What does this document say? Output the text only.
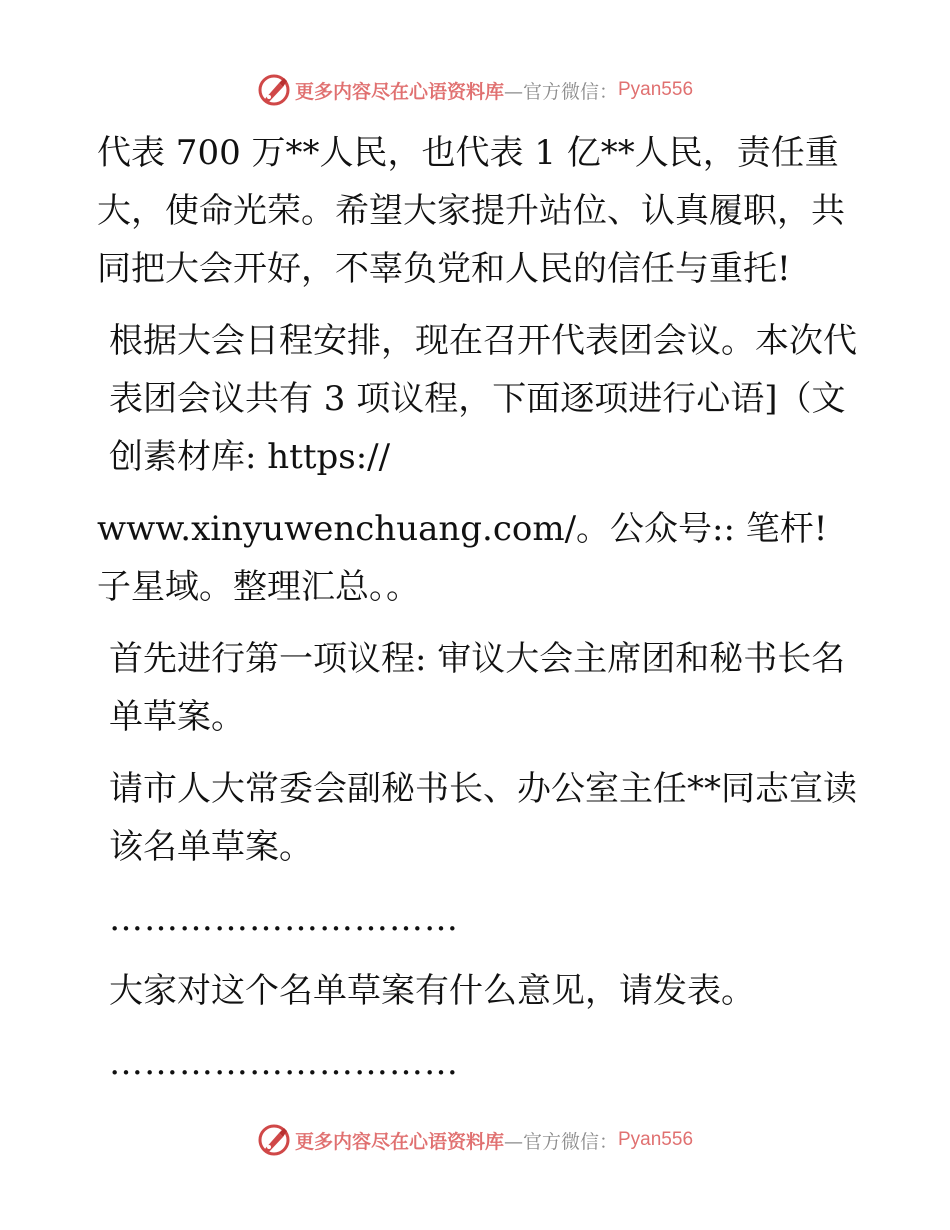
更多内容尽在心语资料库 —官方微信： Pyan556

代表 700 万**人民，也代表 1 亿**人民，责任重大，使命光荣。希望大家提升站位、认真履职，共同把大会开好，不辜负党和人民的信任与重托!

根据大会日程安排，现在召开代表团会议。本次代表团会议共有 3 项议程，下面逐项进行心语]（文创素材库: https://

www.xinyuwenchuang.com/。公众号:: 笔杆! 子星域。整理汇总。。

首先进行第一项议程: 审议大会主席团和秘书长名单草案。

请市人大常委会副秘书长、办公室主任**同志宣读该名单草案。

…………………………

大家对这个名单草案有什么意见，请发表。

…………………………

更多内容尽在心语资料库 —官方微信： Pyan556
